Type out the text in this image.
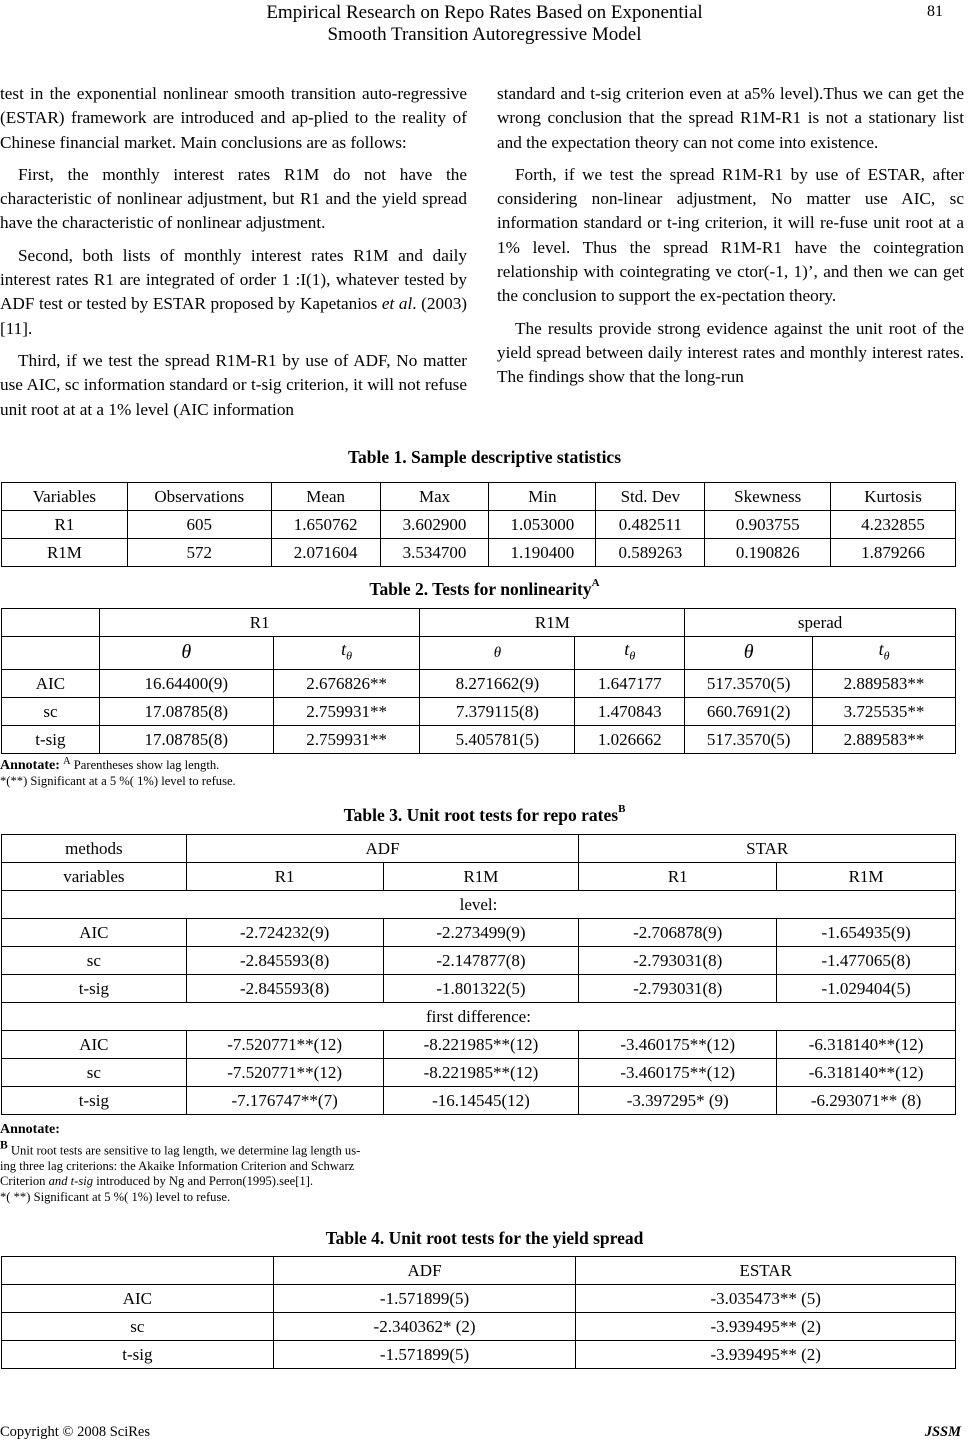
Empirical Research on Repo Rates Based on Exponential
Smooth Transition Autoregressive Model
81

test in the exponential nonlinear smooth transition auto-regressive (ESTAR) framework are introduced and ap-plied to the reality of Chinese financial market. Main conclusions are as follows:

First, the monthly interest rates R1M do not have the characteristic of nonlinear adjustment, but R1 and the yield spread have the characteristic of nonlinear adjustment.

Second, both lists of monthly interest rates R1M and daily interest rates R1 are integrated of order 1 :I(1), whatever tested by ADF test or tested by ESTAR proposed by Kapetanios et al. (2003) [11].

Third, if we test the spread R1M-R1 by use of ADF, No matter use AIC, sc information standard or t-sig criterion, it will not refuse unit root at at a 1% level (AIC information

standard and t-sig criterion even at a5% level).Thus we can get the wrong conclusion that the spread R1M-R1 is not a stationary list and the expectation theory can not come into existence.

Forth, if we test the spread R1M-R1 by use of ESTAR, after considering non-linear adjustment, No matter use AIC, sc information standard or t-ing criterion, it will re-fuse unit root at a 1% level. Thus the spread R1M-R1 have the cointegration relationship with cointegrating ve ctor(-1, 1)’, and then we can get the conclusion to support the ex-pectation theory.

The results provide strong evidence against the unit root of the yield spread between daily interest rates and monthly interest rates. The findings show that the long-run

Table 1. Sample descriptive statistics
Variables	Observations	Mean	Max	Min	Std. Dev	Skewness	Kurtosis
R1	605	1.650762	3.602900	1.053000	0.482511	0.903755	4.232855
R1M	572	2.071604	3.534700	1.190400	0.589263	0.190826	1.879266
Table 2. Tests for nonlinearity$^A$
	R1		R1M		sperad	
	θ	$t_\theta$	θ	$t_\theta$	θ	$t_\theta$
AIC	16.64400(9)	2.676826**	8.271662(9)	1.647177	517.3570(5)	2.889583**
sc	17.08785(8)	2.759931**	7.379115(8)	1.470843	660.7691(2)	3.725535**
t-sig	17.08785(8)	2.759931**	5.405781(5)	1.026662	517.3570(5)	2.889583**
Annotate: $^A$ Parentheses show lag length.
*(**) Significant at a 5 %( 1%) level to refuse.
Table 3. Unit root tests for repo rates$^B$
methods	ADF		STAR	
variables	R1	R1M	R1	R1M
level:				
AIC	-2.724232(9)	-2.273499(9)	-2.706878(9)	-1.654935(9)
sc	-2.845593(8)	-2.147877(8)	-2.793031(8)	-1.477065(8)
t-sig	-2.845593(8)	-1.801322(5)	-2.793031(8)	-1.029404(5)
first difference:				
AIC	-7.520771**(12)	-8.221985**(12)	-3.460175**(12)	-6.318140**(12)
sc	-7.520771**(12)	-8.221985**(12)	-3.460175**(12)	-6.318140**(12)
t-sig	-7.176747**(7)	-16.14545(12)	-3.397295* (9)	-6.293071** (8)
Annotate:
$^B$ Unit root tests are sensitive to lag length, we determine lag length us-
ing three lag criterions: the Akaike Information Criterion and Schwarz
Criterion and t-sig introduced by Ng and Perron(1995).see[1].
*( **) Significant at 5 %( 1%) level to refuse.
Table 4. Unit root tests for the yield spread
	ADF	ESTAR
AIC	-1.571899(5)	-3.035473** (5)
sc	-2.340362* (2)	-3.939495** (2)
t-sig	-1.571899(5)	-3.939495** (2)
Copyright © 2008 SciRes	JSSM
